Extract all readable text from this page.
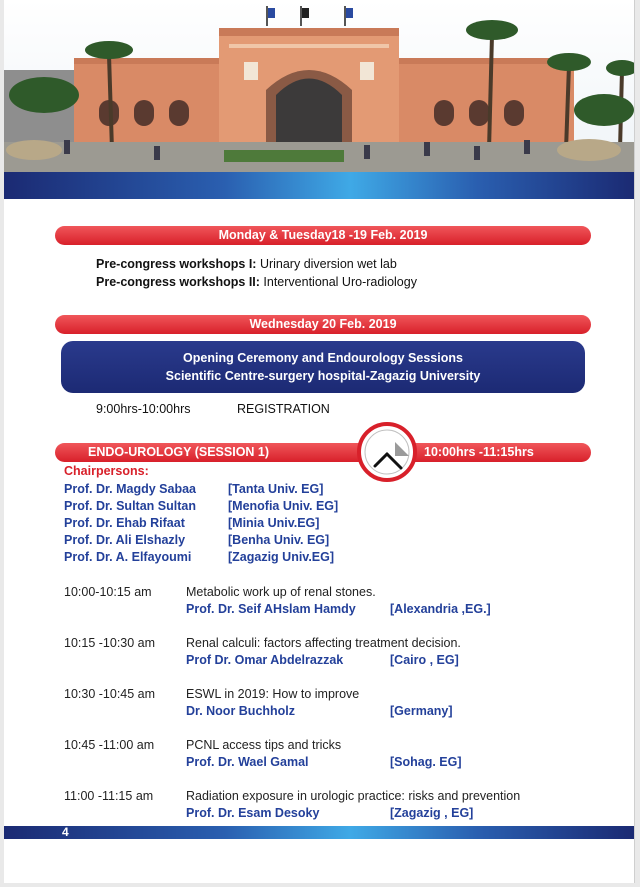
Monday & Tuesday18 -19 Feb. 2019
Pre-congress workshops I: Urinary diversion wet lab
Pre-congress workshops II: Interventional Uro-radiology
Wednesday 20 Feb. 2019
Opening Ceremony and Endourology Sessions
Scientific Centre-surgery hospital-Zagazig University
9:00hrs-10:00hrs	REGISTRATION
ENDO-UROLOGY (SESSION 1)	10:00hrs -11:15hrs
Chairpersons:
Prof. Dr. Magdy Sabaa	[Tanta Univ. EG]
Prof. Dr. Sultan Sultan	[Menofia Univ. EG]
Prof. Dr. Ehab Rifaat	[Minia Univ.EG]
Prof. Dr. Ali Elshazly	[Benha Univ. EG]
Prof. Dr. A. Elfayoumi	[Zagazig Univ.EG]
10:00-10:15 am	Metabolic work up of renal stones.
Prof. Dr. Seif AHslam Hamdy	[Alexandria ,EG.]
10:15 -10:30 am Renal calculi: factors affecting treatment decision.
Prof Dr. Omar Abdelrazzak	[Cairo , EG]
10:30 -10:45 am ESWL in 2019: How to improve
Dr. Noor Buchholz	[Germany]
10:45 -11:00 am	PCNL access tips and tricks
Prof. Dr. Wael Gamal	[Sohag. EG]
11:00 -11:15 am	Radiation exposure in urologic practice: risks and prevention
Prof. Dr. Esam Desoky	[Zagazig , EG]
4
